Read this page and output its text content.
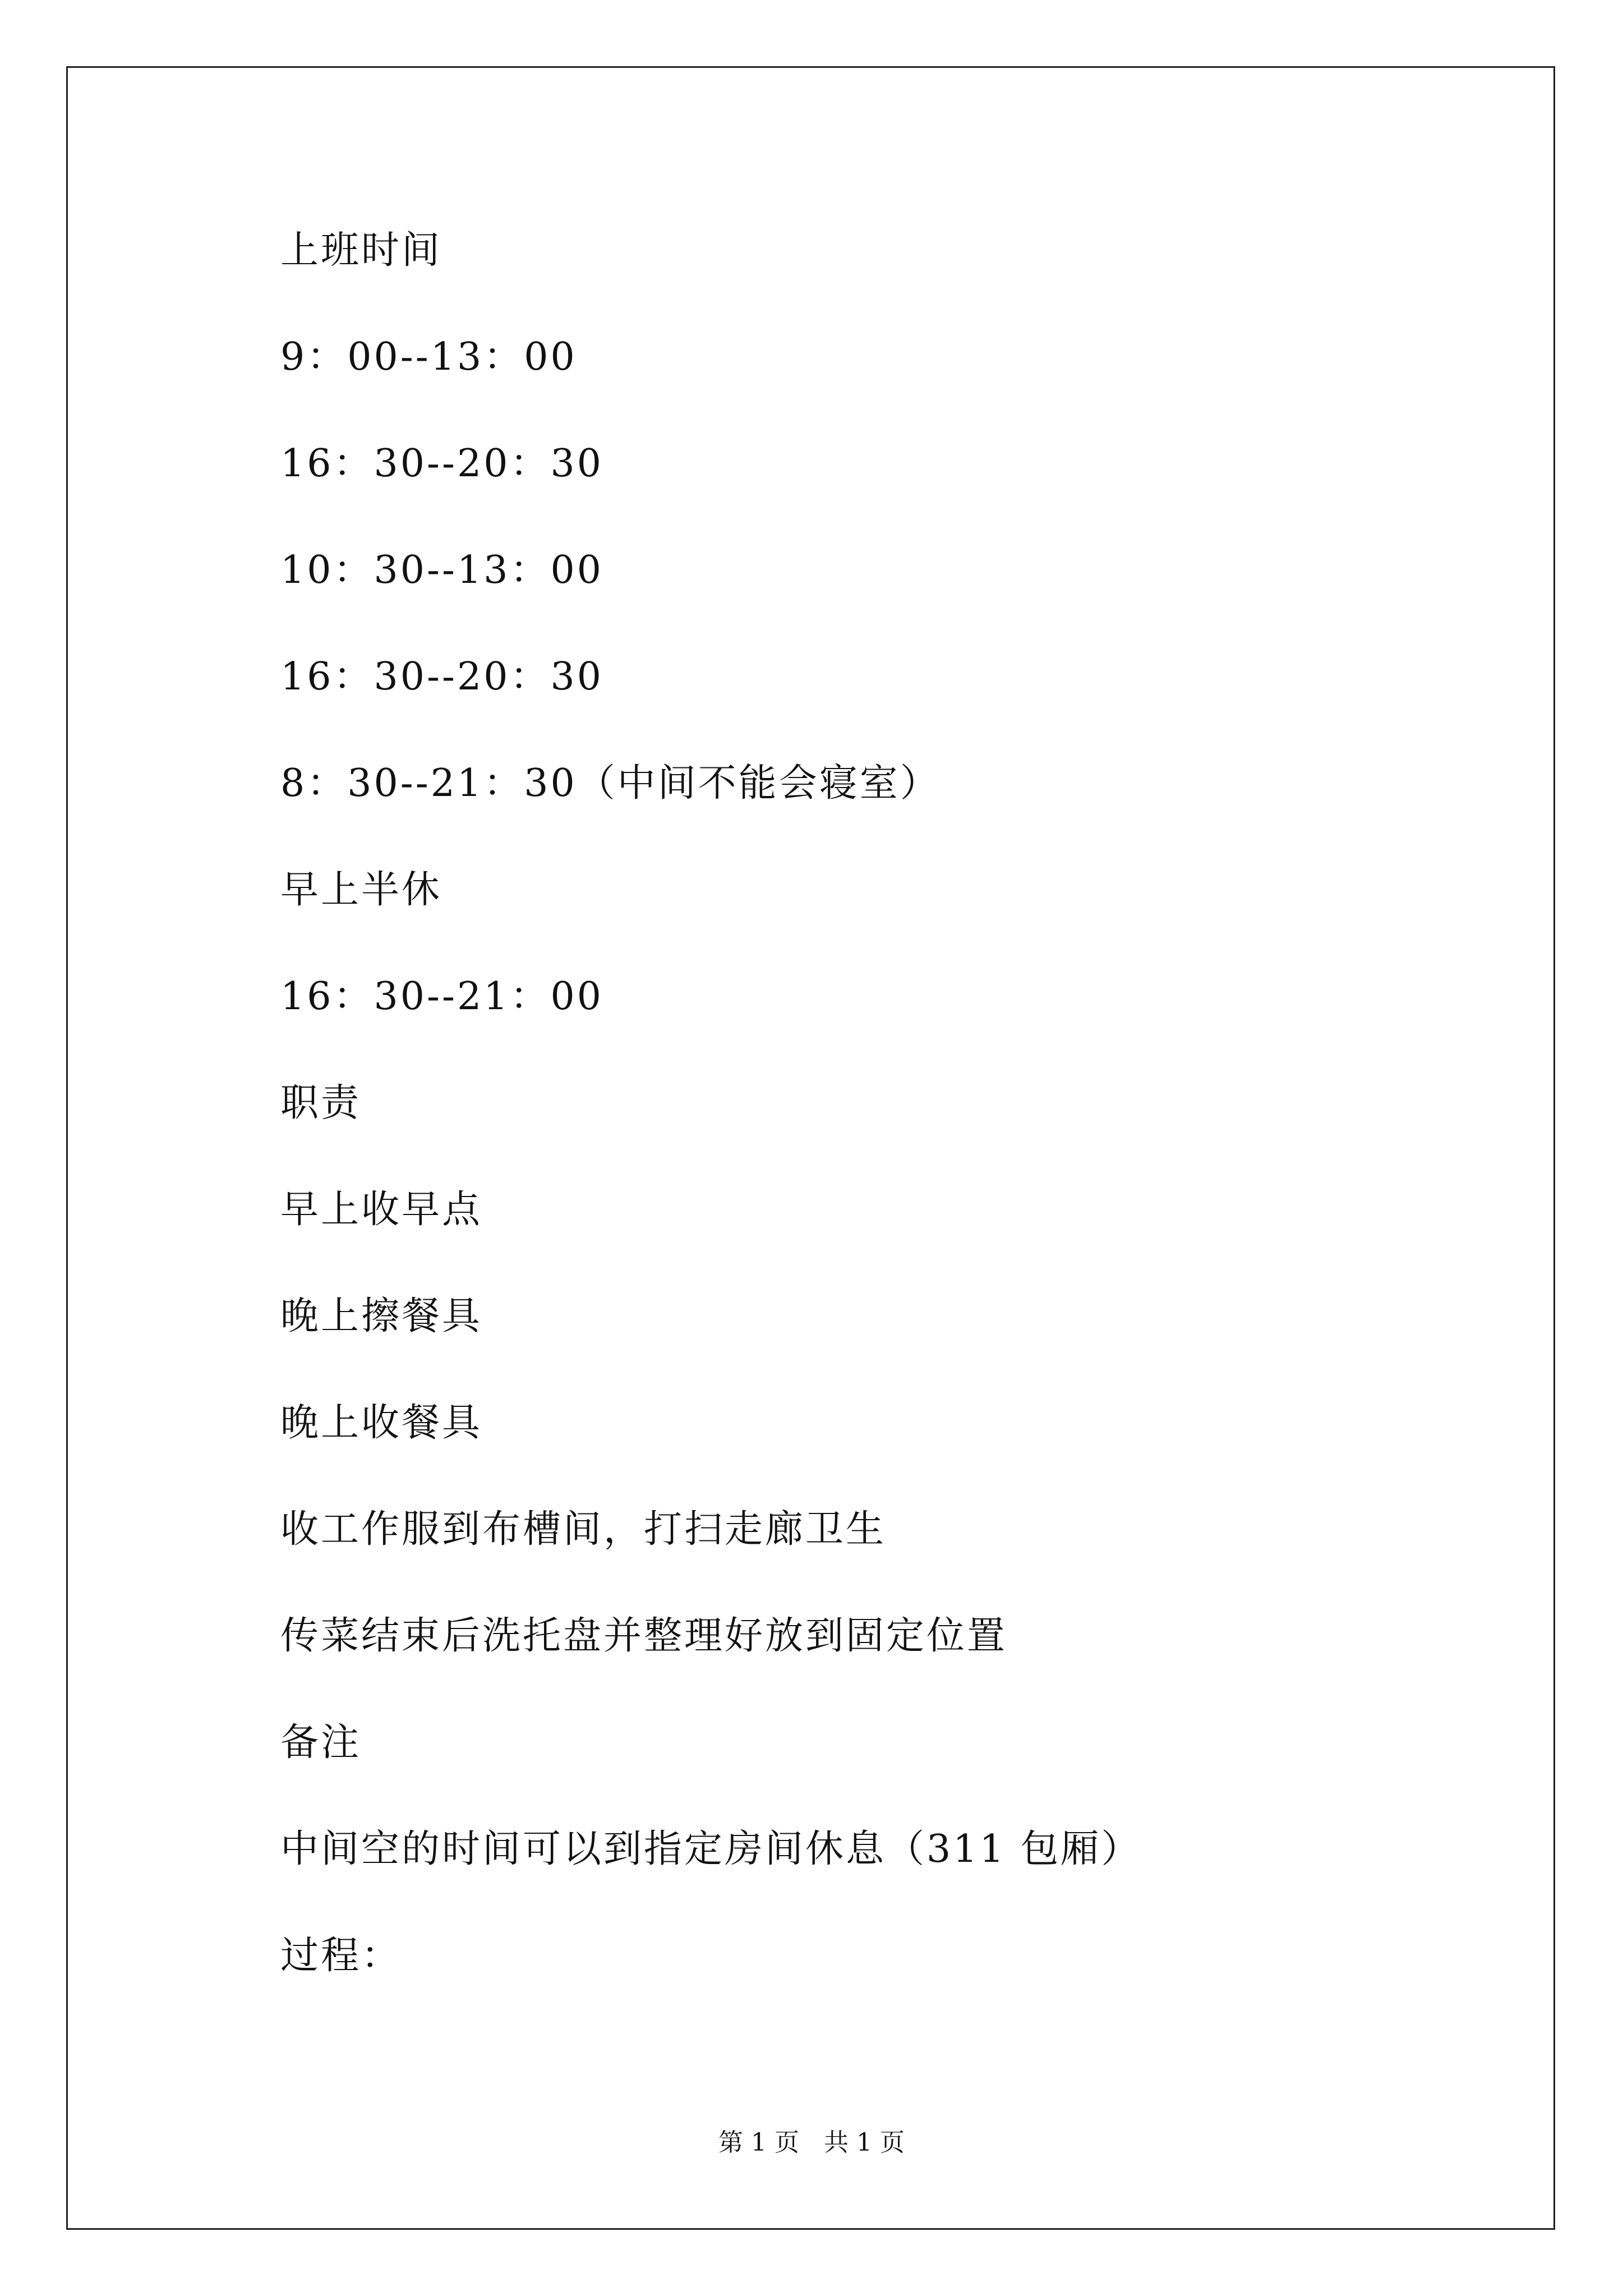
上班时间
9：00--13：00
16：30--20：30
10：30--13：00
16：30--20：30
8：30--21：30（中间不能会寝室）
早上半休
16：30--21：00
职责
早上收早点
晚上擦餐具
晚上收餐具
收工作服到布槽间，打扫走廊卫生
传菜结束后洗托盘并整理好放到固定位置
备注
中间空的时间可以到指定房间休息（311 包厢）
过程：
第 1 页　共 1 页
